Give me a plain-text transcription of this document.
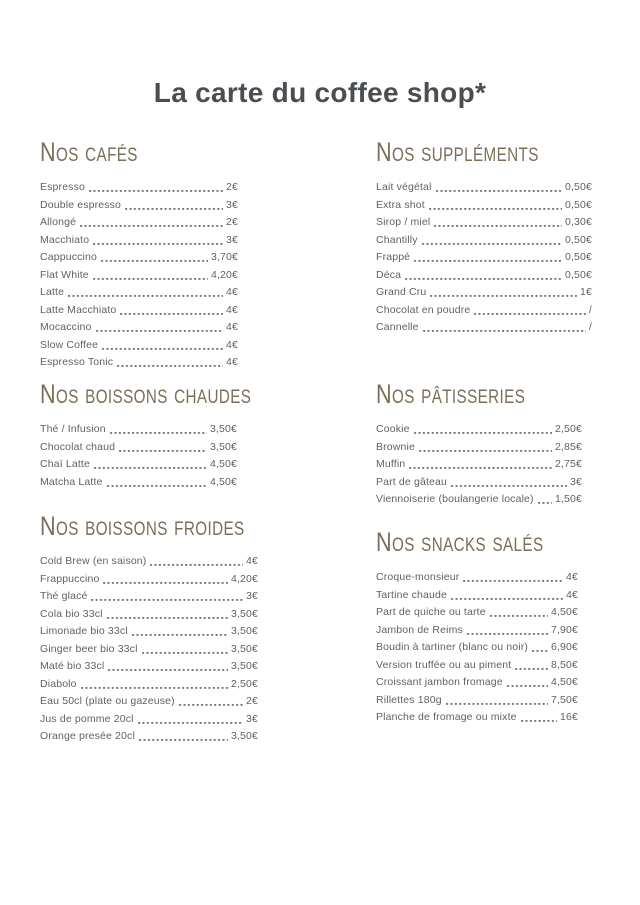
La carte du coffee shop*
Nos cafés
Espresso	2€
Double espresso	3€
Allongé	2€
Macchiato	3€
Cappuccino	3,70€
Flat White	4,20€
Latte	4€
Latte Macchiato	4€
Mocaccino	4€
Slow Coffee	4€
Espresso Tonic	4€
Nos suppléments
Lait végétal	0,50€
Extra shot	0,50€
Sirop / miel	0,30€
Chantilly	0,50€
Frappé	0,50€
Déca	0,50€
Grand Cru	1€
Chocolat en poudre	/
Cannelle	/
Nos boissons chaudes
Thé / Infusion	3,50€
Chocolat chaud	3,50€
Chaï Latte	4,50€
Matcha Latte	4,50€
Nos pâtisseries
Cookie	2,50€
Brownie	2,85€
Muffin	2,75€
Part de gâteau	3€
Viennoiserie (boulangerie locale) 1,50€
Nos boissons froides
Cold Brew (en saison)	4€
Frappuccino	4,20€
Thé glacé	3€
Cola bio 33cl	3,50€
Limonade bio 33cl	3,50€
Ginger beer bio 33cl	3,50€
Maté bio 33cl	3,50€
Diabolo	2,50€
Eau 50cl (plate ou gazeuse)	2€
Jus de pomme 20cl	3€
Orange presée 20cl	3,50€
Nos snacks salés
Croque-monsieur	4€
Tartine chaude	4€
Part de quiche ou tarte	4,50€
Jambon de Reims	7,90€
Boudin à tartiner (blanc ou noir) 6,90€
Version truffée ou au piment	8,50€
Croissant jambon fromage	4,50€
Rillettes 180g	7,50€
Planche de fromage ou mixte	16€
